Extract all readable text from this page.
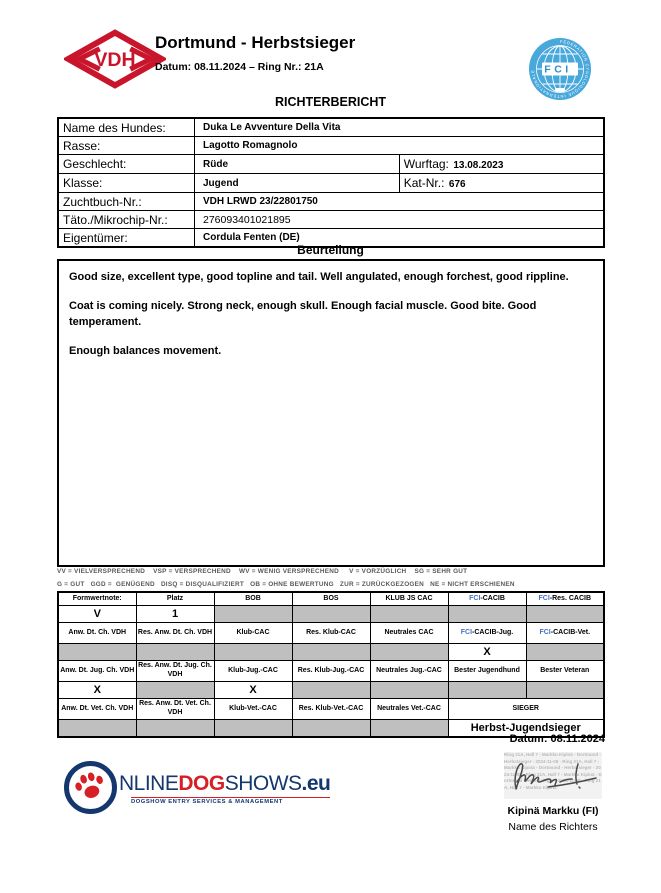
VDH
Dortmund - Herbstsieger
Datum: 08.11.2024 – Ring Nr.: 21A
FÉDÉRATION CYNOLOGIQUE INTERNATIONALE FCI
RICHTERBERICHT
Name des Hundes:	Duka Le Avventure Della Vita	
Rasse:	Lagotto Romagnolo	
Geschlecht:	Rüde	Wurftag: 13.08.2023
Klasse:	Jugend	Kat-Nr.: 676
Zuchtbuch-Nr.:	VDH LRWD 23/22801750	
Täto./Mikrochip-Nr.:	276093401021895	
Eigentümer:	Cordula Fenten (DE)	
Beurteilung

Good size, excellent type, good topline and tail. Well angulated, enough forchest, good rippline.

Coat is coming nicely. Strong neck, enough skull. Enough facial muscle. Good bite. Good temperament.

Enough balances movement.

VV = VIELVERSPRECHEND    VSP = VERSPRECHEND    WV = WENIG VERSPRECHEND     V = VORZÜGLICH    SG = SEHR GUT
G = GUT   GGD =  GENÜGEND   DISQ = DISQUALIFIZIERT   OB = OHNE BEWERTUNG   ZUR = ZURÜCKGEZOGEN   NE = NICHT ERSCHIENEN
Formwertnote:	Platz	BOB	BOS	KLUB JS CAC	FCI-CACIB	FCI-Res. CACIB
V	1					
Anw. Dt. Ch. VDH	Res. Anw. Dt. Ch. VDH	Klub-CAC	Res. Klub-CAC	Neutrales CAC	FCI-CACIB-Jug.	FCI-CACIB-Vet.
					X	
Anw. Dt. Jug. Ch. VDH	Res. Anw. Dt. Jug. Ch. VDH	Klub-Jug.-CAC	Res. Klub-Jug.-CAC	Neutrales Jug.-CAC	Bester Jugendhund	Bester Veteran
X		X				
Anw. Dt. Vet. Ch. VDH	Res. Anw. Dt. Vet. Ch. VDH	Klub-Vet.-CAC	Res. Klub-Vet.-CAC	Neutrales Vet.-CAC	SIEGER	
					Herbst-Jugendsieger	
Datum: 08.11.2024
Ring 21A, Hall 7 - Markku Kipinä - Dortmund - Herbstsieger - 2024-11-08 - Ring 21A, Hall 7 - Markku Kipinä - Dortmund - Herbstsieger - 2024-11-08 - Ring 21A, Hall 7 - Markku Kipinä - Dortmund - Herbstsieger - 2024-11-08 - Ring 21A, Hall 7 - Markku Kipinä
Kipinä Markku (FI)
Name des Richters
NLINEDOGSHOWS.eu
DOGSHOW ENTRY SERVICES & MANAGEMENT
